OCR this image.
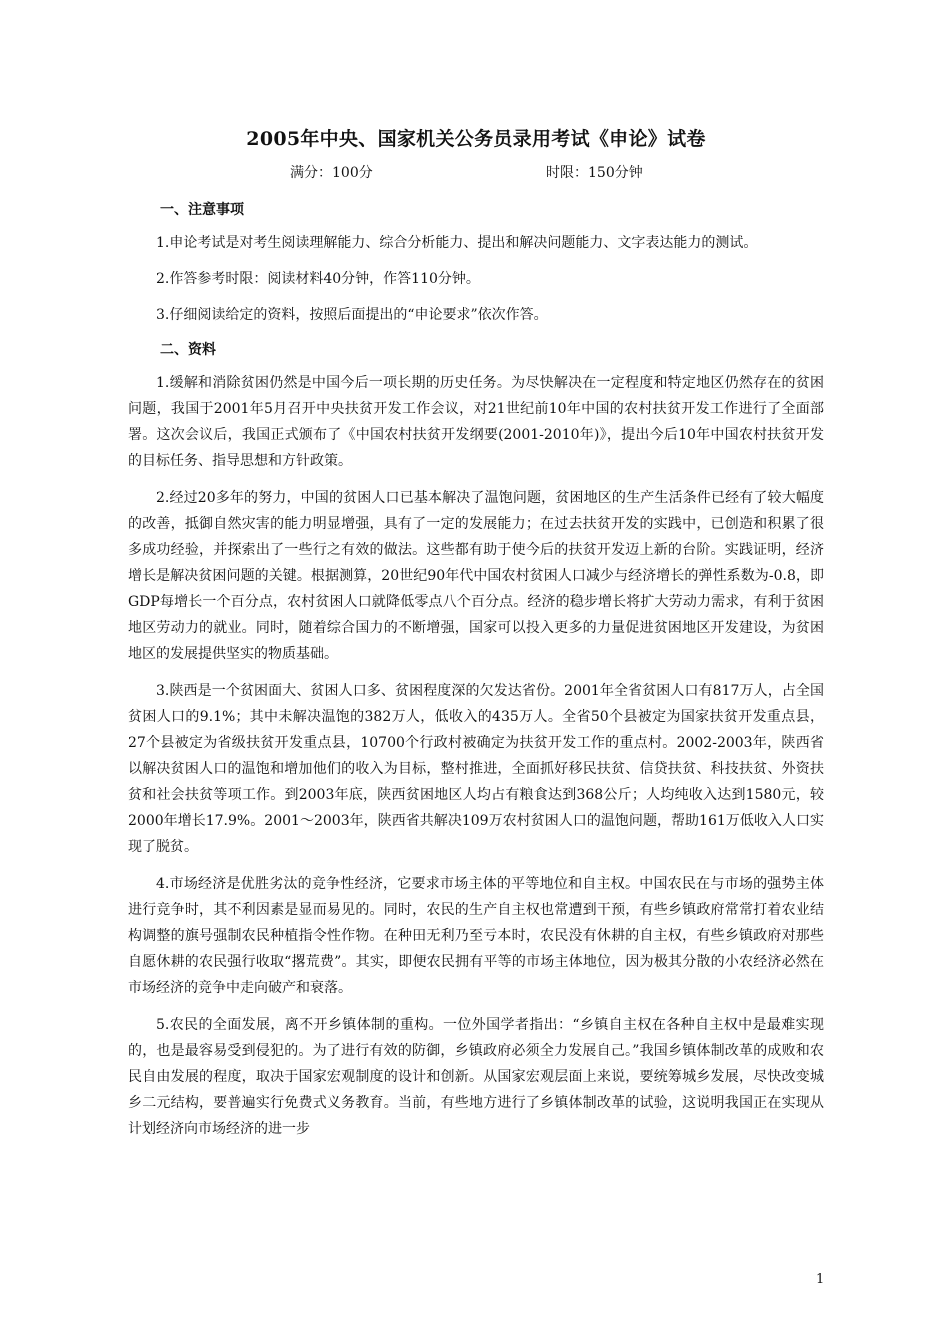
2005年中央、国家机关公务员录用考试《申论》试卷
满分：100分	时限：150分钟
一、注意事项

1.申论考试是对考生阅读理解能力、综合分析能力、提出和解决问题能力、文字表达能力的测试。

2.作答参考时限：阅读材料40分钟，作答110分钟。

3.仔细阅读给定的资料，按照后面提出的“申论要求”依次作答。

二、资料

1.缓解和消除贫困仍然是中国今后一项长期的历史任务。为尽快解决在一定程度和特定地区仍然存在的贫困问题，我国于2001年5月召开中央扶贫开发工作会议，对21世纪前10年中国的农村扶贫开发工作进行了全面部署。这次会议后，我国正式颁布了《中国农村扶贫开发纲要(2001-2010年)》，提出今后10年中国农村扶贫开发的目标任务、指导思想和方针政策。

2.经过20多年的努力，中国的贫困人口已基本解决了温饱问题，贫困地区的生产生活条件已经有了较大幅度的改善，抵御自然灾害的能力明显增强，具有了一定的发展能力；在过去扶贫开发的实践中，已创造和积累了很多成功经验，并探索出了一些行之有效的做法。这些都有助于使今后的扶贫开发迈上新的台阶。实践证明，经济增长是解决贫困问题的关键。根据测算，20世纪90年代中国农村贫困人口减少与经济增长的弹性系数为-0.8，即GDP每增长一个百分点，农村贫困人口就降低零点八个百分点。经济的稳步增长将扩大劳动力需求，有利于贫困地区劳动力的就业。同时，随着综合国力的不断增强，国家可以投入更多的力量促进贫困地区开发建设，为贫困地区的发展提供坚实的物质基础。

3.陕西是一个贫困面大、贫困人口多、贫困程度深的欠发达省份。2001年全省贫困人口有817万人，占全国贫困人口的9.1%；其中未解决温饱的382万人，低收入的435万人。全省50个县被定为国家扶贫开发重点县，27个县被定为省级扶贫开发重点县，10700个行政村被确定为扶贫开发工作的重点村。2002-2003年，陕西省以解决贫困人口的温饱和增加他们的收入为目标，整村推进，全面抓好移民扶贫、信贷扶贫、科技扶贫、外资扶贫和社会扶贫等项工作。到2003年底，陕西贫困地区人均占有粮食达到368公斤；人均纯收入达到1580元，较2000年增长17.9%。2001～2003年，陕西省共解决109万农村贫困人口的温饱问题，帮助161万低收入人口实现了脱贫。

4.市场经济是优胜劣汰的竞争性经济，它要求市场主体的平等地位和自主权。中国农民在与市场的强势主体进行竞争时，其不利因素是显而易见的。同时，农民的生产自主权也常遭到干预，有些乡镇政府常常打着农业结构调整的旗号强制农民种植指令性作物。在种田无利乃至亏本时，农民没有休耕的自主权，有些乡镇政府对那些自愿休耕的农民强行收取“撂荒费”。其实，即便农民拥有平等的市场主体地位，因为极其分散的小农经济必然在市场经济的竞争中走向破产和衰落。

5.农民的全面发展，离不开乡镇体制的重构。一位外国学者指出：“乡镇自主权在各种自主权中是最难实现的，也是最容易受到侵犯的。为了进行有效的防御，乡镇政府必须全力发展自己。”我国乡镇体制改革的成败和农民自由发展的程度，取决于国家宏观制度的设计和创新。从国家宏观层面上来说，要统筹城乡发展，尽快改变城乡二元结构，要普遍实行免费式义务教育。当前，有些地方进行了乡镇体制改革的试验，这说明我国正在实现从计划经济向市场经济的进一步

1
